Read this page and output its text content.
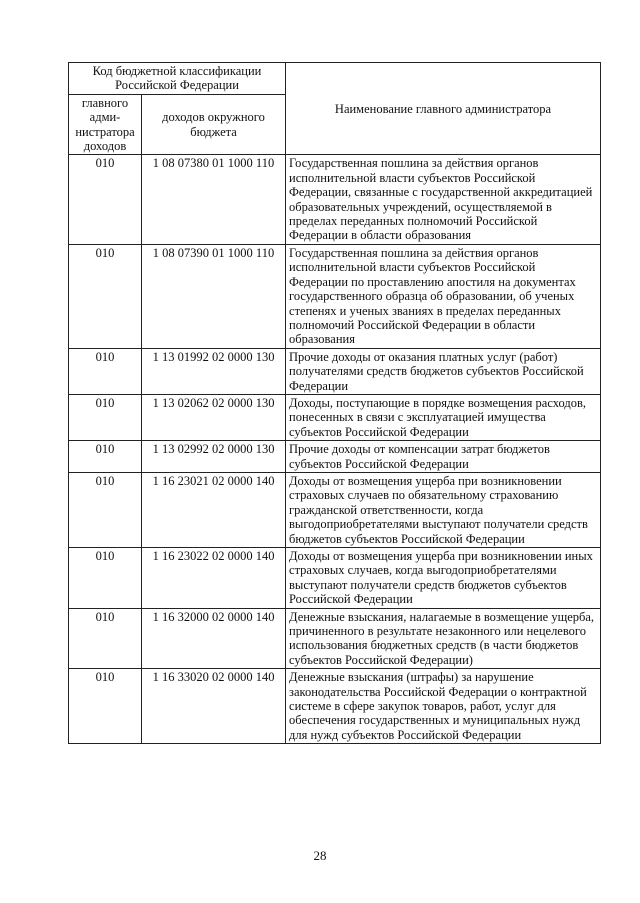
Код бюджетной классификации Российской Федерации		Наименование главного администратора
главного адми-нистратора доходов	доходов окружного бюджета	
010	1 08 07380 01 1000 110	Государственная пошлина за действия органов исполнительной власти субъектов Российской Федерации, связанные с государственной аккредитацией образовательных учреждений, осуществляемой в пределах переданных полномочий Российской Федерации в области образования
010	1 08 07390 01 1000 110	Государственная пошлина за действия органов исполнительной власти субъектов Российской Федерации по проставлению апостиля на документах государственного образца об образовании, об ученых степенях и ученых званиях в пределах переданных полномочий Российской Федерации в области образования
010	1 13 01992 02 0000 130	Прочие доходы от оказания платных услуг (работ) получателями средств бюджетов субъектов Российской Федерации
010	1 13 02062 02 0000 130	Доходы, поступающие в порядке возмещения расходов, понесенных в связи с эксплуатацией имущества субъектов Российской Федерации
010	1 13 02992 02 0000 130	Прочие доходы от компенсации затрат бюджетов субъектов Российской Федерации
010	1 16 23021 02 0000 140	Доходы от возмещения ущерба при возникновении страховых случаев по обязательному страхованию гражданской ответственности, когда выгодоприобретателями выступают получатели средств бюджетов субъектов Российской Федерации
010	1 16 23022 02 0000 140	Доходы от возмещения ущерба при возникновении иных страховых случаев, когда выгодоприобретателями выступают получатели средств бюджетов субъектов Российской Федерации
010	1 16 32000 02 0000 140	Денежные взыскания, налагаемые в возмещение ущерба, причиненного в результате незаконного или нецелевого использования бюджетных средств (в части бюджетов субъектов Российской Федерации)
010	1 16 33020 02 0000 140	Денежные взыскания (штрафы) за нарушение законодательства Российской Федерации о контрактной системе в сфере закупок товаров, работ, услуг для обеспечения государственных и муниципальных нужд для нужд субъектов Российской Федерации
28
